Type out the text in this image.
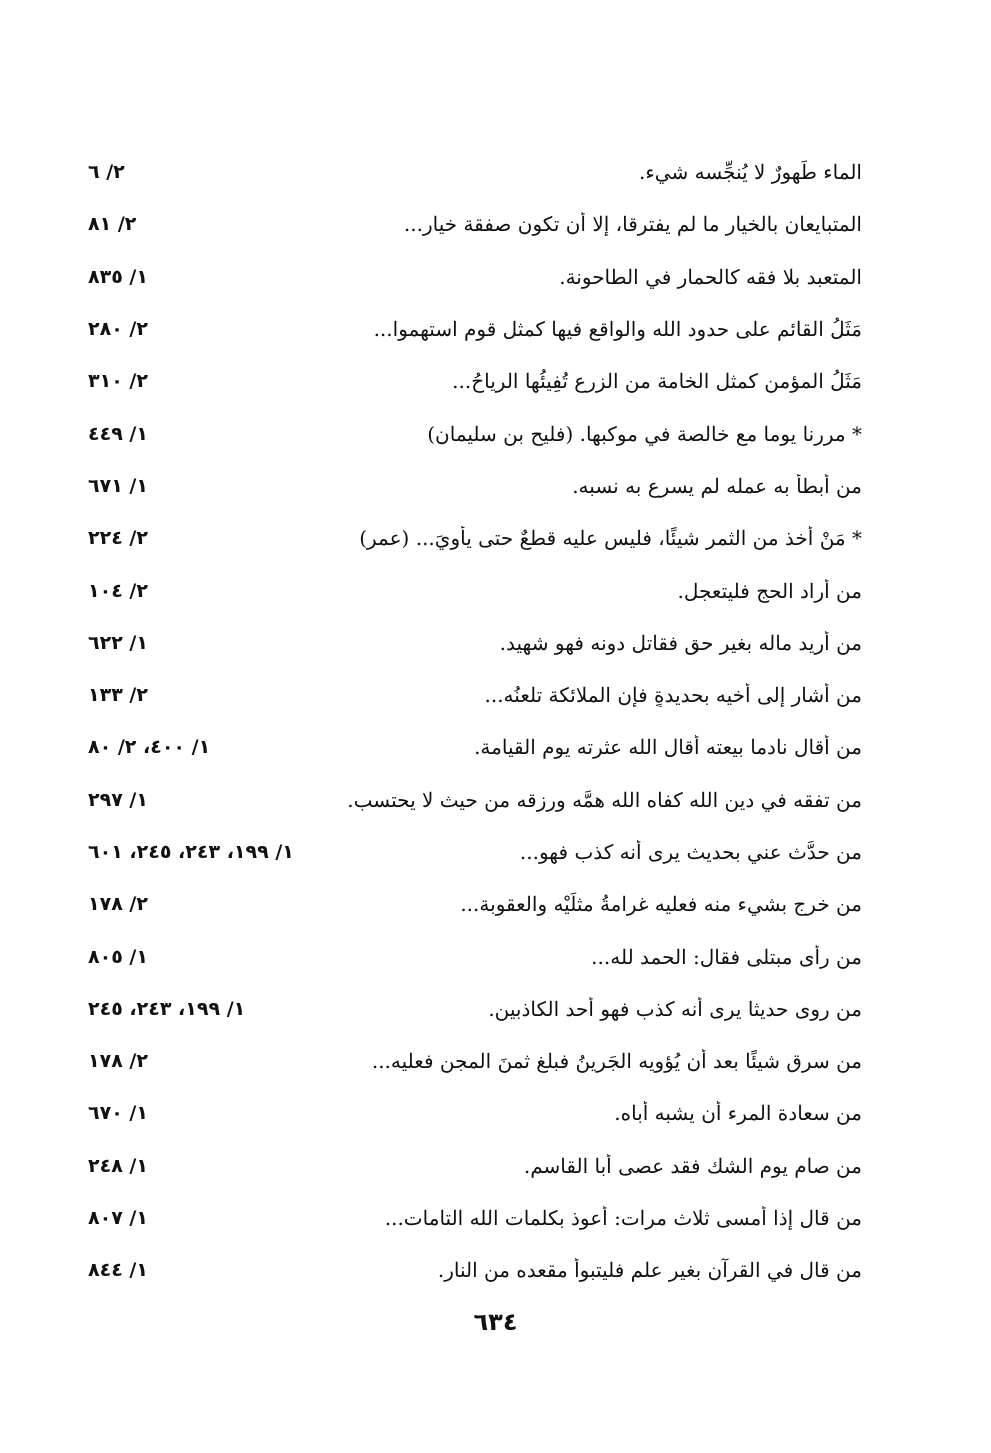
٢/ ٦	الماء طَهورٌ لا يُنجِّسه شيء.
٢/ ٨١	المتبايعان بالخيار ما لم يفترقا، إلا أن تكون صفقة خيار...
١/ ٨٣٥	المتعبد بلا فقه كالحمار في الطاحونة.
٢/ ٢٨٠	مَثَلُ القائمِ على حدود الله والواقعِ فيها كمثل قومٍ استهموا...
٢/ ٣١٠	مَثَلُ المؤمنِ كمثل الخامة من الزرع تُفِيئُها الرياحُ...
١/ ٤٤٩	* مررنا يوما مع خالصة في موكبها. (فليح بن سليمان)
١/ ٦٧١	من أبطأ به عمله لم يسرع به نسبه.
٢/ ٢٢٤	* مَنْ أخذ من الثمر شيئًا، فليس عليه قطعٌ حتى يأويَ... (عمر)
٢/ ١٠٤	من أراد الحج فليتعجل.
١/ ٦٢٢	من أريد ماله بغير حق فقاتل دونه فهو شهيد.
٢/ ١٣٣	من أشار إلى أخيه بحديدةٍ فإن الملائكة تلعنُه...
١/ ٤٠٠، ٢/ ٨٠	من أقال نادما بيعته أقال الله عثرته يوم القيامة.
١/ ٢٩٧	من تفقه في دين الله كفاه الله همَّه ورزقه من حيث لا يحتسب.
١/ ١٩٩، ٢٤٣، ٢٤٥، ٦٠١	من حدَّث عني بحديث يرى أنه كذب فهو...
٢/ ١٧٨	من خرج بشيء منه فعليه غرامةُ مثلَيْه والعقوبة...
١/ ٨٠٥	من رأى مبتلى فقال: الحمد لله...
١/ ١٩٩، ٢٤٣، ٢٤٥	من روى حديثا يرى أنه كذب فهو أحد الكاذبين.
٢/ ١٧٨	من سرق شيئًا بعد أن يُؤويه الجَرينُ فبلغ ثمنَ المجن فعليه...
١/ ٦٧٠	من سعادة المرء أن يشبه أباه.
١/ ٢٤٨	من صام يوم الشك فقد عصى أبا القاسم.
١/ ٨٠٧	من قال إذا أمسى ثلاث مرات: أعوذ بكلمات الله التامات...
١/ ٨٤٤	من قال في القرآن بغير علم فليتبوأ مقعده من النار.
٦٣٤
